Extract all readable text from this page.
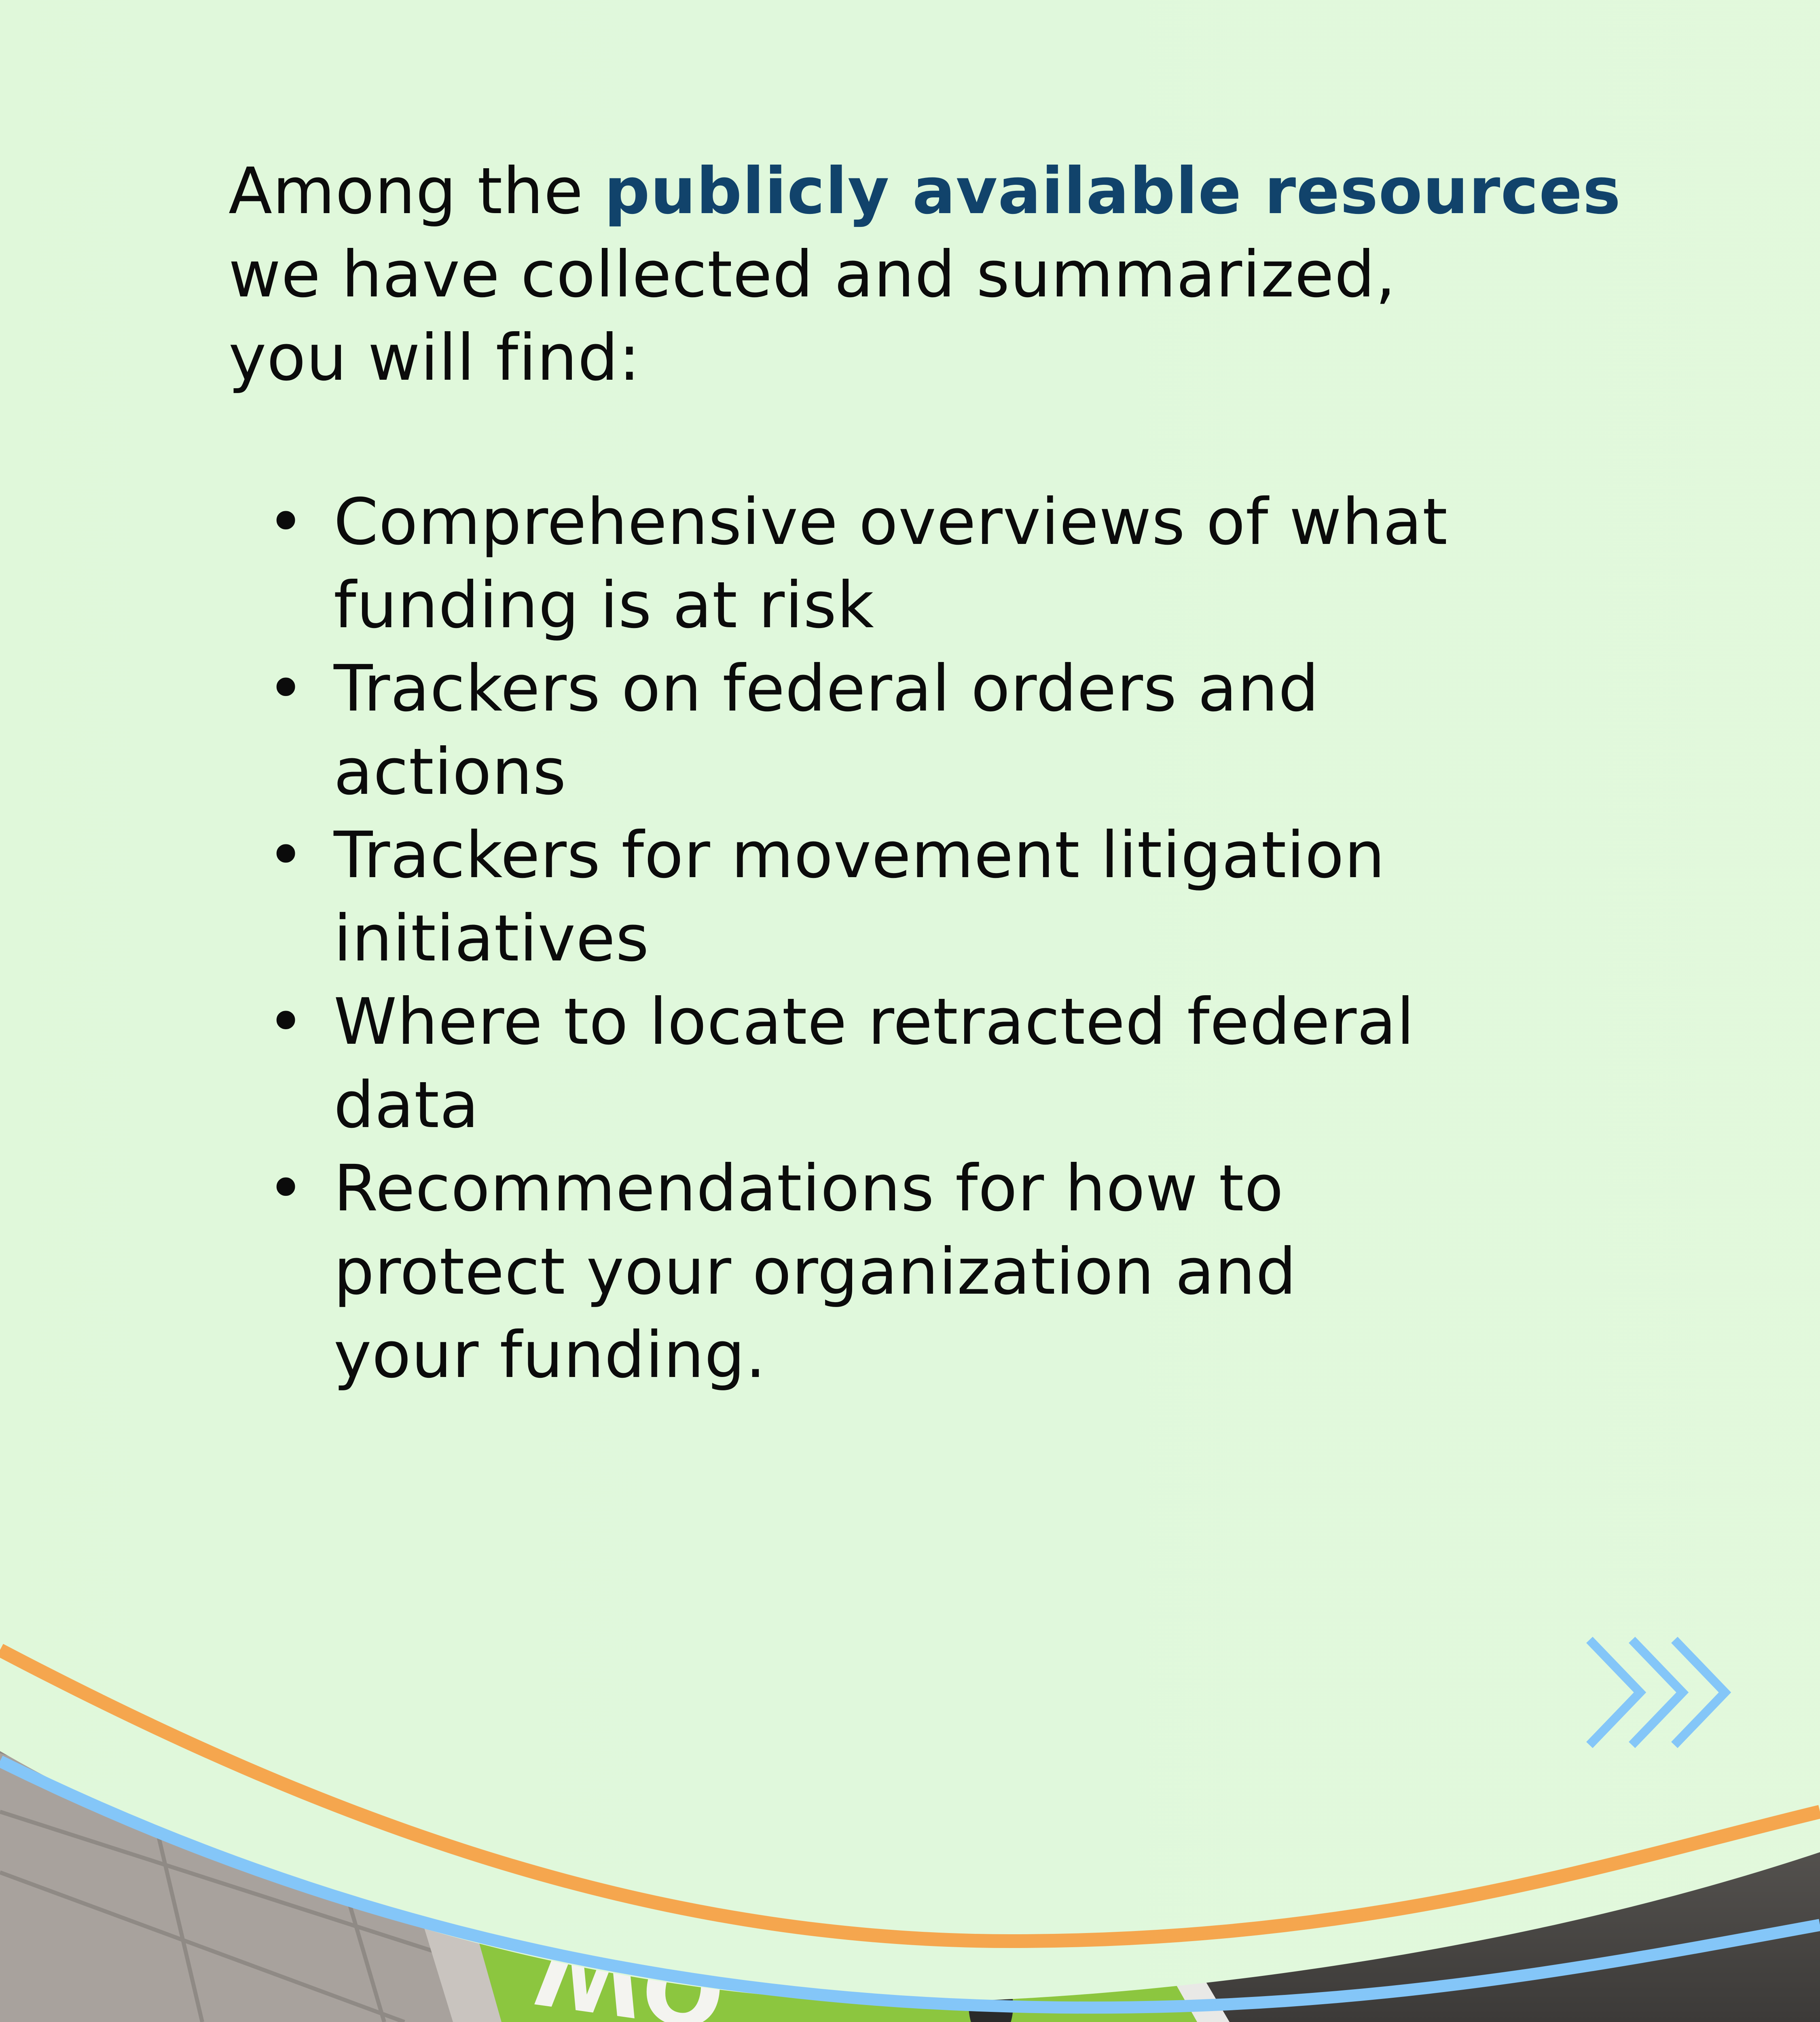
Among the publicly available resources
we have collected and summarized,
you will find:

• Comprehensive overviews of what
funding is at risk
• Trackers on federal orders and
actions
• Trackers for movement litigation
initiatives
• Where to locate retracted federal
data
• Recommendations for how to
protect your organization and
your funding.
